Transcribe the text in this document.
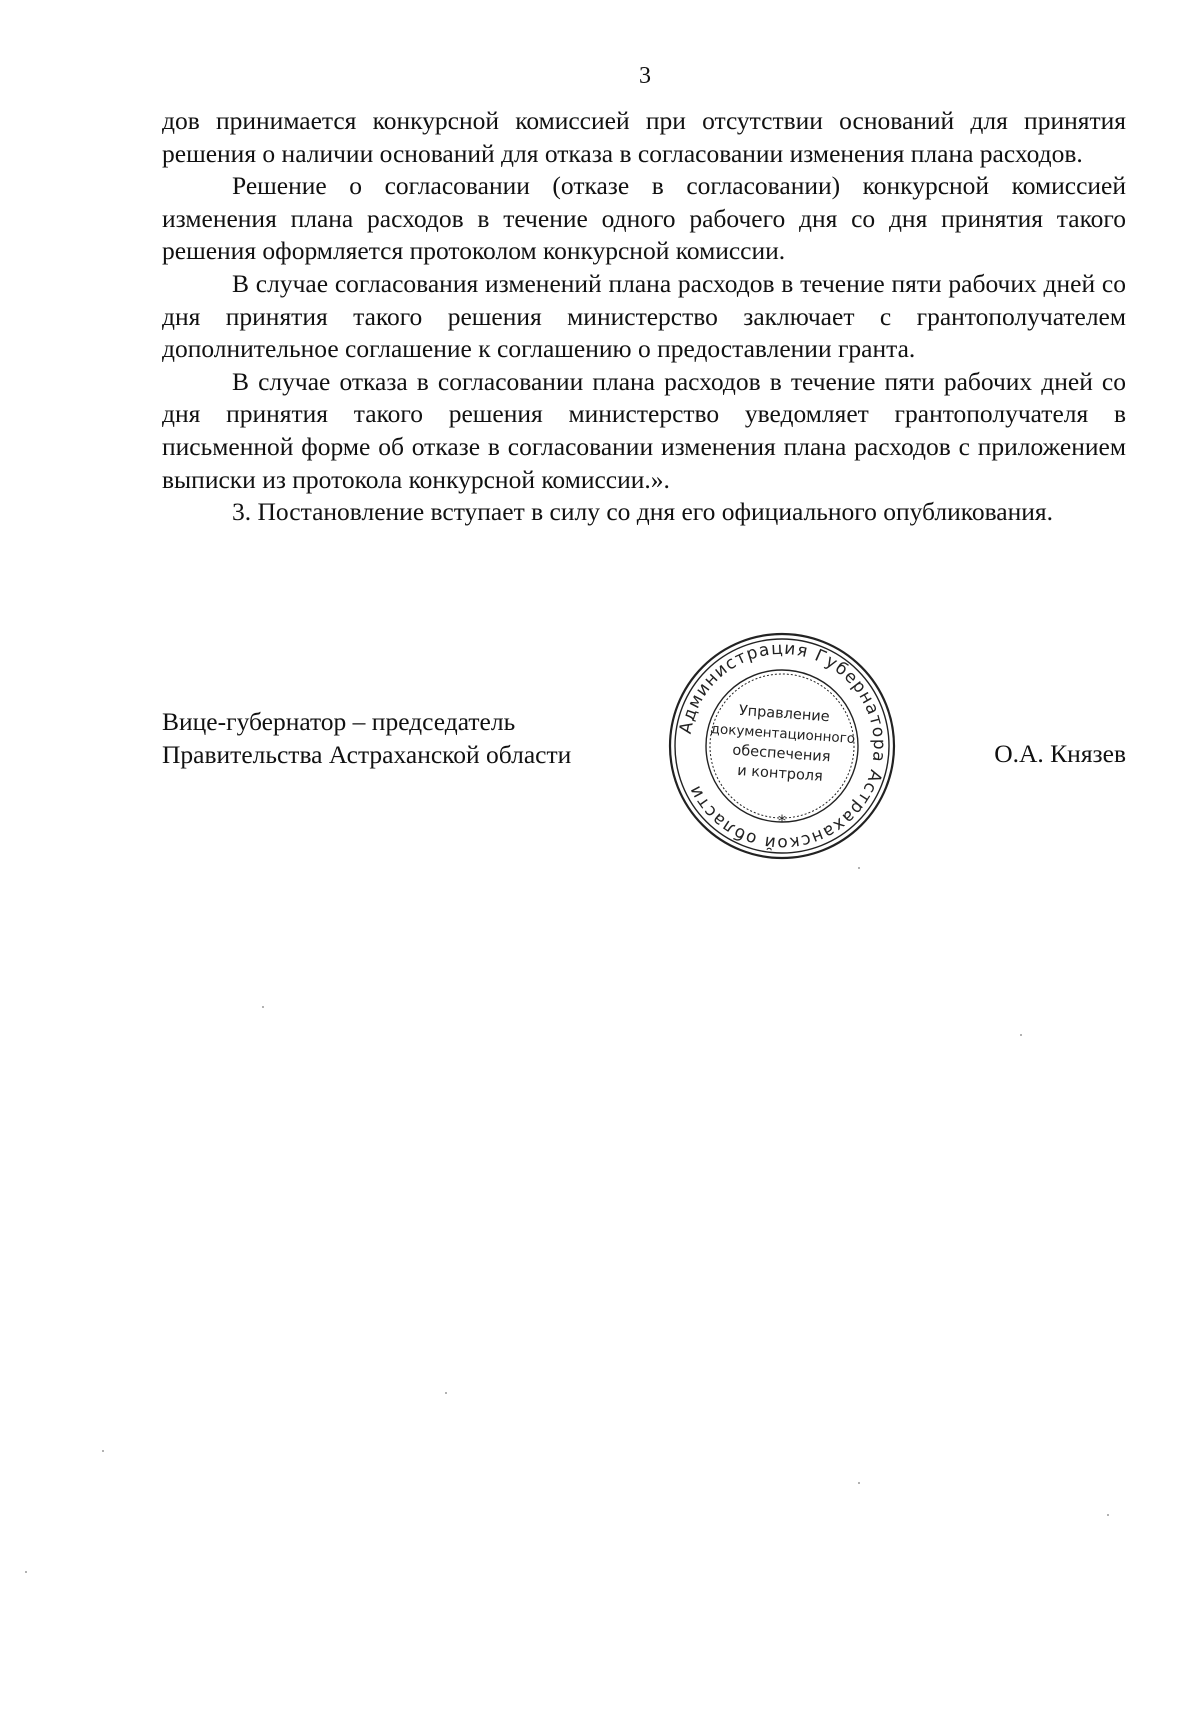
3

дов принимается конкурсной комиссией при отсутствии оснований для принятия решения о наличии оснований для отказа в согласовании изменения плана расходов.

Решение о согласовании (отказе в согласовании) конкурсной комиссией изменения плана расходов в течение одного рабочего дня со дня принятия такого решения оформляется протоколом конкурсной комиссии.

В случае согласования изменений плана расходов в течение пяти рабочих дней со дня принятия такого решения министерство заключает с грантополучателем дополнительное соглашение к соглашению о предоставлении гранта.

В случае отказа в согласовании плана расходов в течение пяти рабочих дней со дня принятия такого решения министерство уведомляет грантополучателя в письменной форме об отказе в согласовании изменения плана расходов с приложением выписки из протокола конкурсной комиссии.».

3. Постановление вступает в силу со дня его официального опубликования.

Вице-губернатор – председатель
Правительства Астраханской области
Администрация Губернатора Астраханской области
*
Управление
документационного
обеспечения
и контроля
О.А. Князев
